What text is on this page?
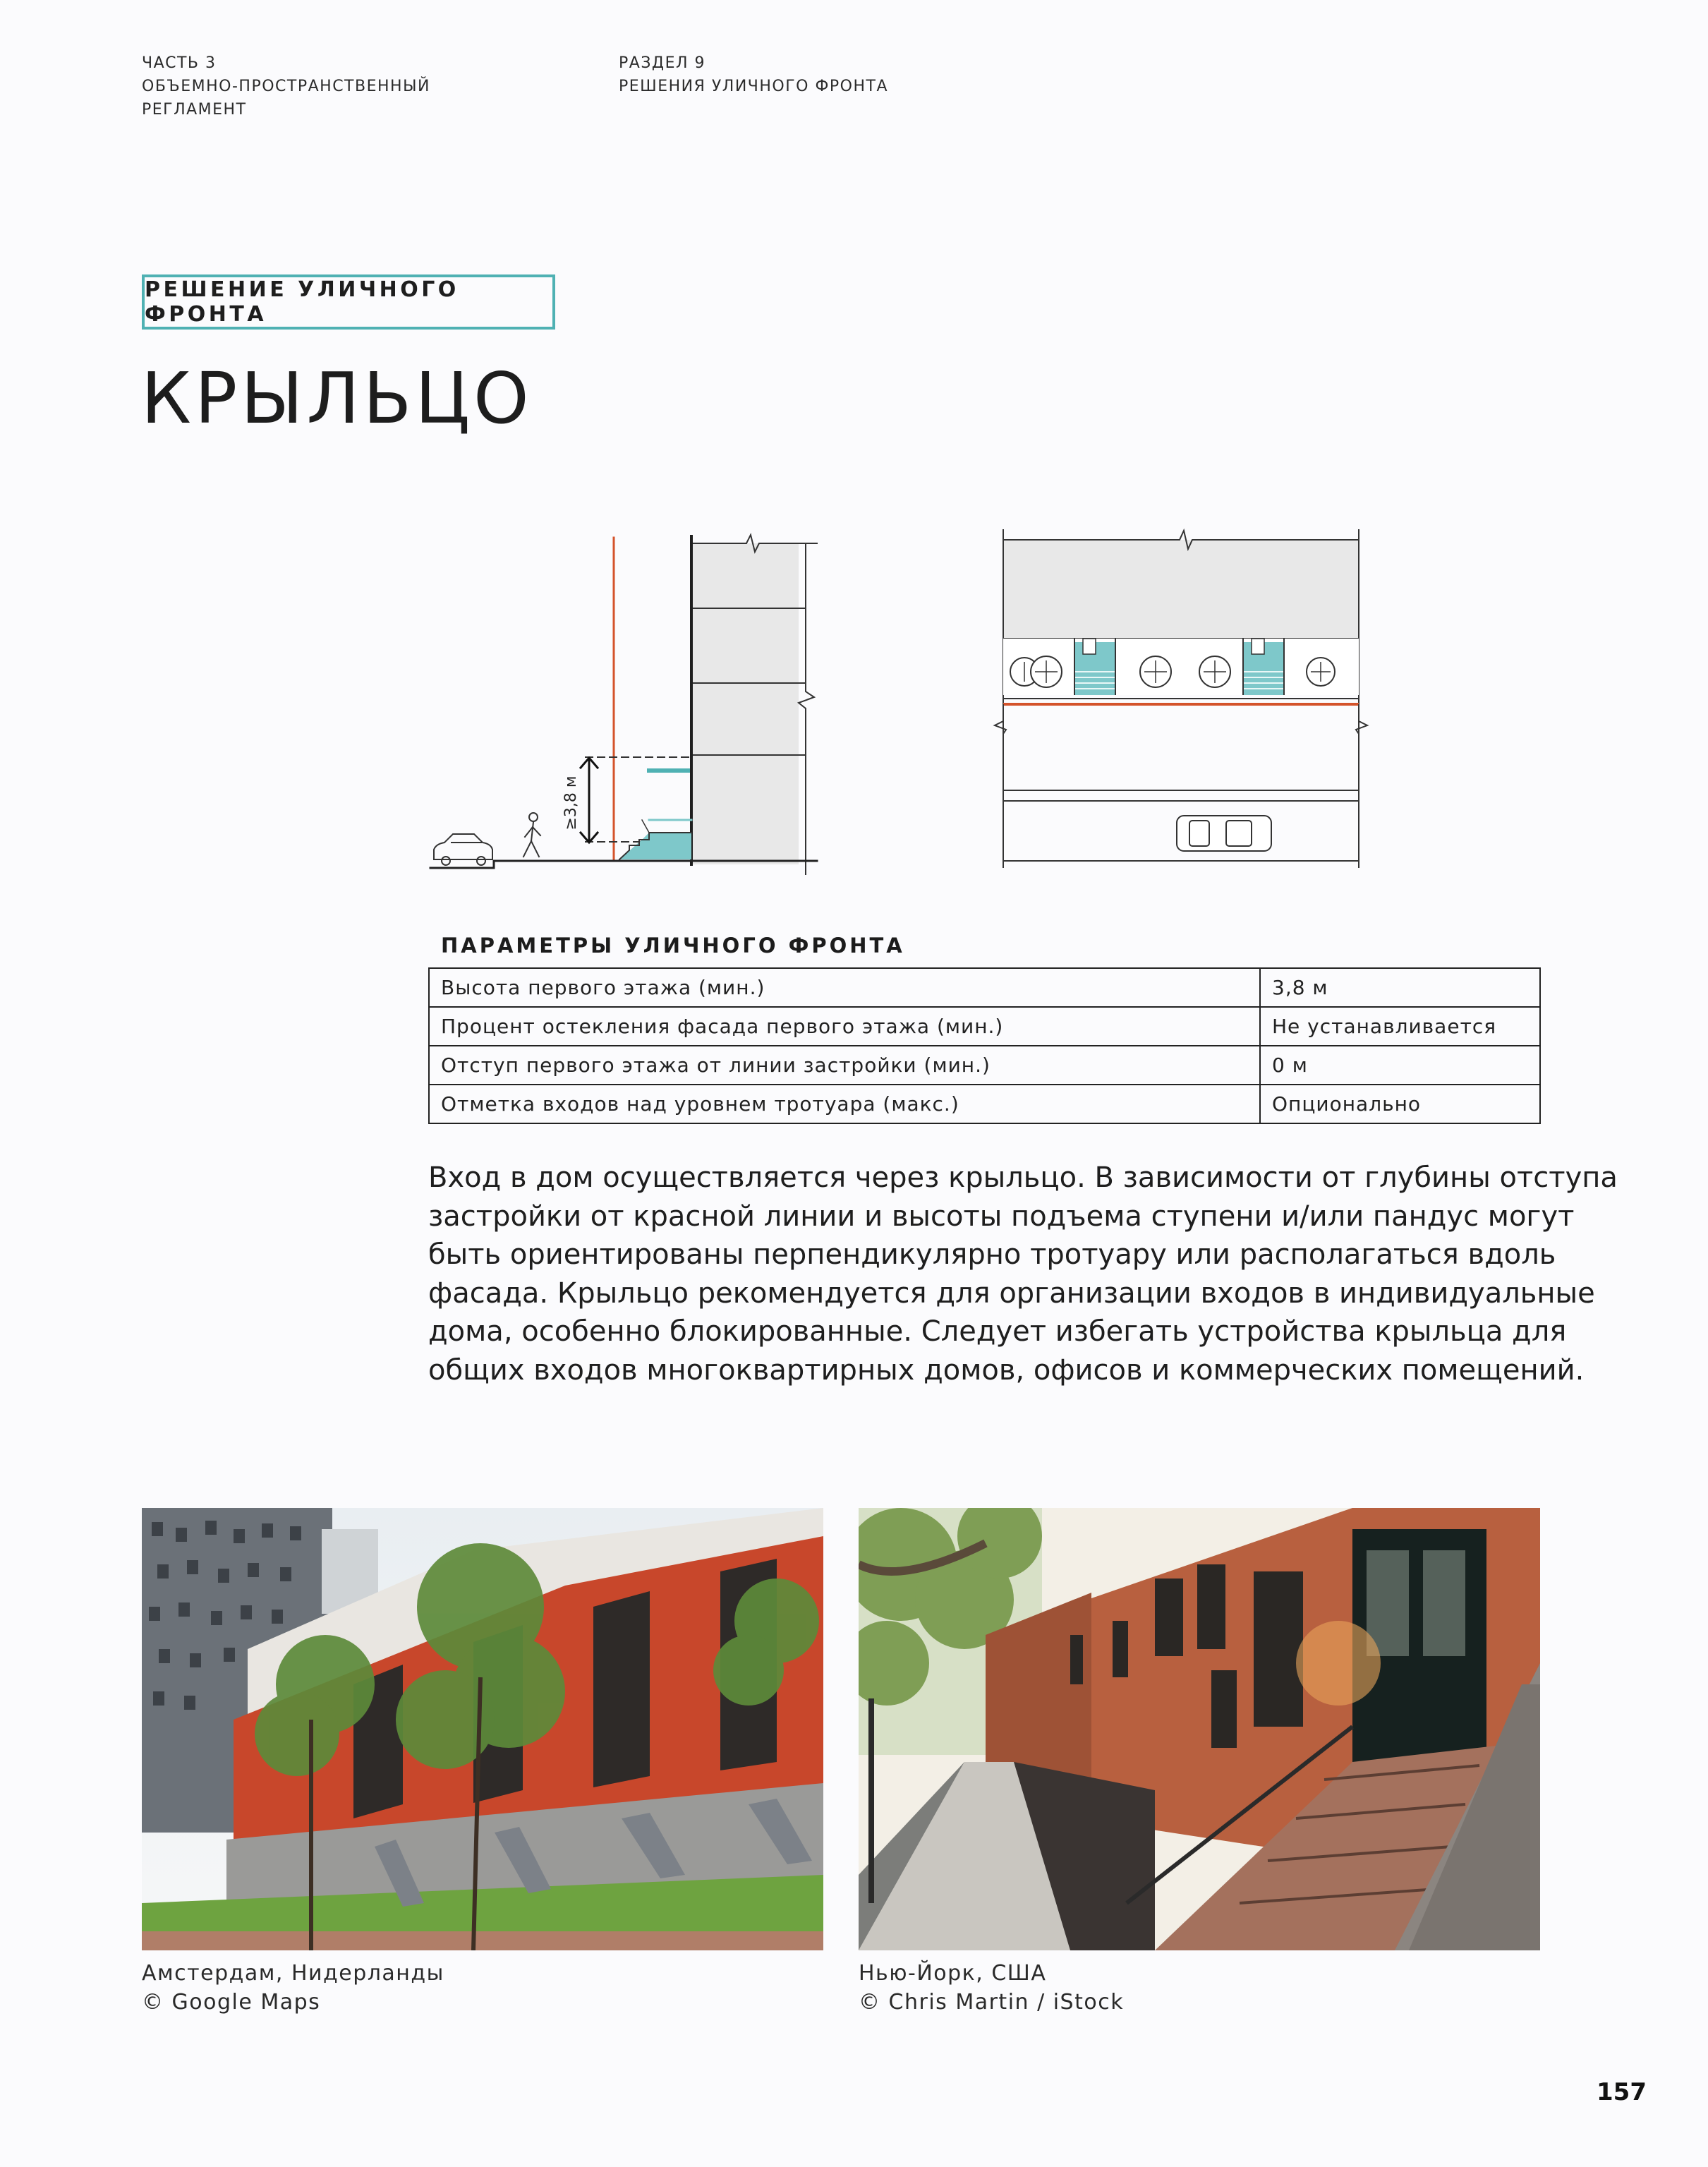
ЧАСТЬ 3
ОБЪЕМНО-ПРОСТРАНСТВЕННЫЙ
РЕГЛАМЕНТ
РАЗДЕЛ 9
РЕШЕНИЯ УЛИЧНОГО ФРОНТА
РЕШЕНИЕ УЛИЧНОГО ФРОНТА
КРЫЛЬЦО
≥3,8 м
ПАРАМЕТРЫ УЛИЧНОГО ФРОНТА
Высота первого этажа (мин.)	3,8 м
Процент остекления фасада первого этажа (мин.)	Не устанавливается
Отступ первого этажа от линии застройки (мин.)	0 м
Отметка входов над уровнем тротуара (макс.)	Опционально
Вход в дом осуществляется через крыльцо. В зависимости от глубины отступа
застройки от красной линии и высоты подъема ступени и/или пандус могут
быть ориентированы перпендикулярно тротуару или располагаться вдоль
фасада. Крыльцо рекомендуется для организации входов в индивидуальные
дома, особенно блокированные. Следует избегать устройства крыльца для
общих входов многоквартирных домов, офисов и коммерческих помещений.
Амстердам, Нидерланды
© Google Maps
Нью-Йорк, США
© Chris Martin / iStock
157
